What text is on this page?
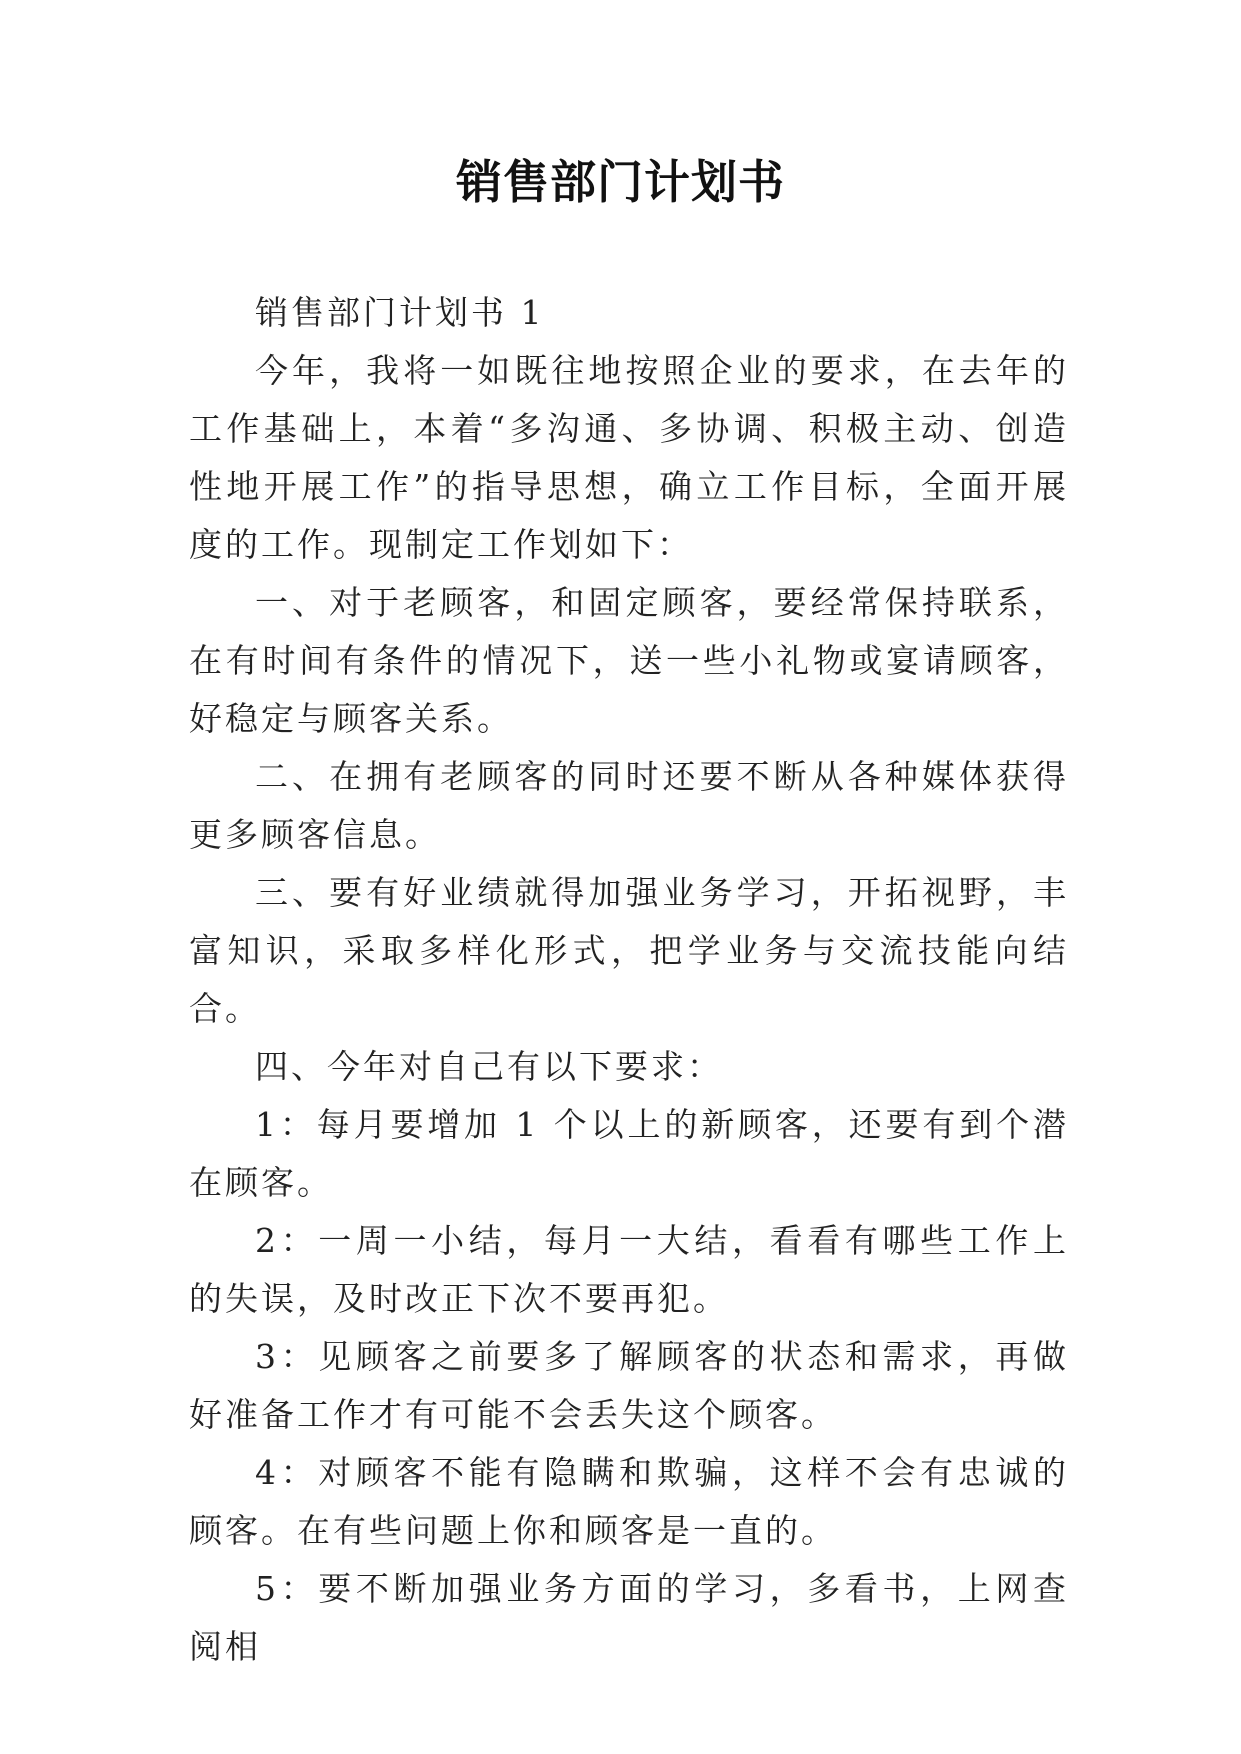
销售部门计划书

销售部门计划书 1

今年，我将一如既往地按照企业的要求，在去年的工作基础上，本着“多沟通、多协调、积极主动、创造性地开展工作”的指导思想，确立工作目标，全面开展度的工作。现制定工作划如下：

一、对于老顾客，和固定顾客，要经常保持联系，在有时间有条件的情况下，送一些小礼物或宴请顾客，好稳定与顾客关系。

二、在拥有老顾客的同时还要不断从各种媒体获得更多顾客信息。

三、要有好业绩就得加强业务学习，开拓视野，丰富知识，采取多样化形式，把学业务与交流技能向结合。

四、今年对自己有以下要求：

1：每月要增加 1 个以上的新顾客，还要有到个潜在顾客。

2：一周一小结，每月一大结，看看有哪些工作上的失误，及时改正下次不要再犯。

3：见顾客之前要多了解顾客的状态和需求，再做好准备工作才有可能不会丢失这个顾客。

4：对顾客不能有隐瞒和欺骗，这样不会有忠诚的顾客。在有些问题上你和顾客是一直的。

5：要不断加强业务方面的学习，多看书，上网查阅相
